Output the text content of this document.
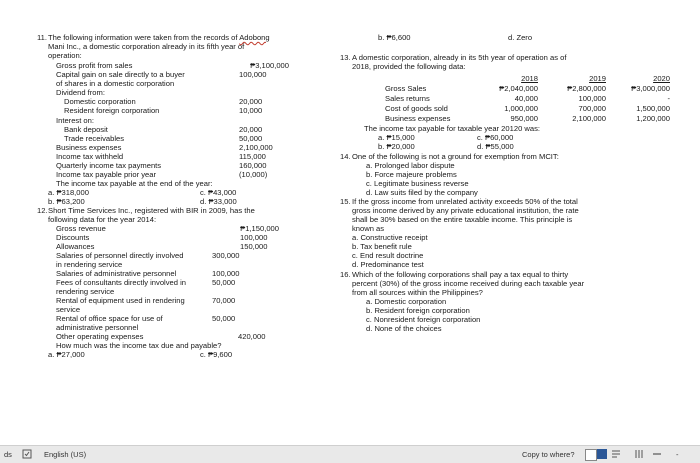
11. The following information were taken from the records of Adobong
Mani Inc., a domestic corporation already in its fifth year of
operation:
Gross profit from sales	₱3,100,000
Capital gain on sale directly to a buyer	100,000
of shares in a domestic corporation
Dividend from:
Domestic corporation	20,000
Resident foreign corporation	10,000
Interest on:
Bank deposit	20,000
Trade receivables	50,000
Business expenses	2,100,000
Income tax withheld	115,000
Quarterly income tax payments	160,000
Income tax payable prior year	(10,000)
The income tax payable at the end of the year:
a. ₱318,000	c. ₱43,000
b. ₱63,200	d. ₱33,000
12. Short Time Services Inc., registered with BIR in 2009, has the
following data for the year 2014:
Gross revenue	₱1,150,000
Discounts	100,000
Allowances	150,000
Salaries of personnel directly involved	300,000
in rendering service
Salaries of administrative personnel	100,000
Fees of consultants directly involved in	50,000
rendering service
Rental of equipment used in rendering	70,000
service
Rental of office space for use of	50,000
administrative personnel
Other operating expenses	420,000
How much was the income tax due and payable?
a. ₱27,000	c. ₱9,600
b. ₱6,600	d. Zero
13. A domestic corporation, already in its 5th year of operation as of
2018, provided the following data:
2018	2019	2020
Gross Sales	₱2,040,000	₱2,800,000	₱3,000,000
Sales returns	40,000	100,000	-
Cost of goods sold	1,000,000	700,000	1,500,000
Business expenses	950,000	2,100,000	1,200,000
The income tax payable for taxable year 20120 was:
a. ₱15,000	c. ₱60,000
b. ₱20,000	d. ₱55,000
14. One of the following is not a ground for exemption from MCIT:
a. Prolonged labor dispute
b. Force majeure problems
c. Legitimate business reverse
d. Law suits filed by the company
15. If the gross income from unrelated activity exceeds 50% of the total
gross income derived by any private educational institution, the rate
shall be 30% based on the entire taxable income. This principle is
known as
a. Constructive receipt
b. Tax benefit rule
c. End result doctrine
d. Predominance test
16. Which of the following corporations shall pay a tax equal to thirty
percent (30%) of the gross income received during each taxable year
from all sources within the Philippines?
a. Domestic corporation
b. Resident foreign corporation
c. Nonresident foreign corporation
d. None of the choices
ds	English (US)	Copy to where?	-
